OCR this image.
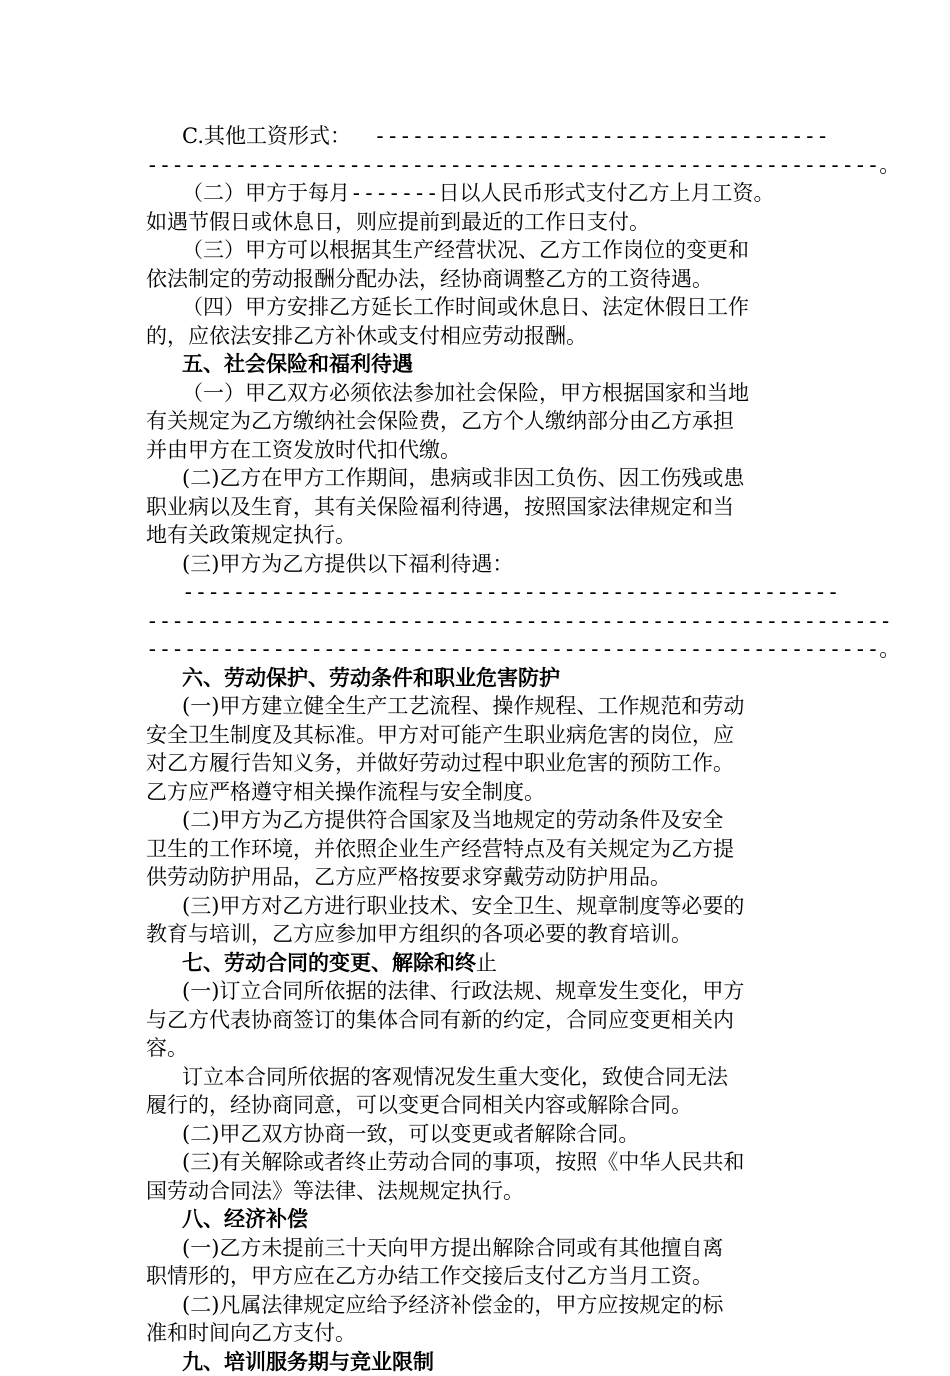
C.其他工资形式： ------------------------------------
----------------------------------------------------------。
（二）甲方于每月-------日以人民币形式支付乙方上月工资。
如遇节假日或休息日，则应提前到最近的工作日支付。
（三）甲方可以根据其生产经营状况、乙方工作岗位的变更和
依法制定的劳动报酬分配办法，经协商调整乙方的工资待遇。
（四）甲方安排乙方延长工作时间或休息日、法定休假日工作
的，应依法安排乙方补休或支付相应劳动报酬。
五、社会保险和福利待遇
（一）甲乙双方必须依法参加社会保险，甲方根据国家和当地
有关规定为乙方缴纳社会保险费，乙方个人缴纳部分由乙方承担
并由甲方在工资发放时代扣代缴。
(二)乙方在甲方工作期间，患病或非因工负伤、因工伤残或患
职业病以及生育，其有关保险福利待遇，按照国家法律规定和当
地有关政策规定执行。
(三)甲方为乙方提供以下福利待遇：
----------------------------------------------------
-----------------------------------------------------------
----------------------------------------------------------。
六、劳动保护、劳动条件和职业危害防护
(一)甲方建立健全生产工艺流程、操作规程、工作规范和劳动
安全卫生制度及其标准。甲方对可能产生职业病危害的岗位，应
对乙方履行告知义务，并做好劳动过程中职业危害的预防工作。
乙方应严格遵守相关操作流程与安全制度。
(二)甲方为乙方提供符合国家及当地规定的劳动条件及安全
卫生的工作环境，并依照企业生产经营特点及有关规定为乙方提
供劳动防护用品，乙方应严格按要求穿戴劳动防护用品。
(三)甲方对乙方进行职业技术、安全卫生、规章制度等必要的
教育与培训，乙方应参加甲方组织的各项必要的教育培训。
七、劳动合同的变更、解除和终止
(一)订立合同所依据的法律、行政法规、规章发生变化，甲方
与乙方代表协商签订的集体合同有新的约定，合同应变更相关内
容。
订立本合同所依据的客观情况发生重大变化，致使合同无法
履行的，经协商同意，可以变更合同相关内容或解除合同。
(二)甲乙双方协商一致，可以变更或者解除合同。
(三)有关解除或者终止劳动合同的事项，按照《中华人民共和
国劳动合同法》等法律、法规规定执行。
八、经济补偿
(一)乙方未提前三十天向甲方提出解除合同或有其他擅自离
职情形的，甲方应在乙方办结工作交接后支付乙方当月工资。
(二)凡属法律规定应给予经济补偿金的，甲方应按规定的标
准和时间向乙方支付。
九、培训服务期与竞业限制
